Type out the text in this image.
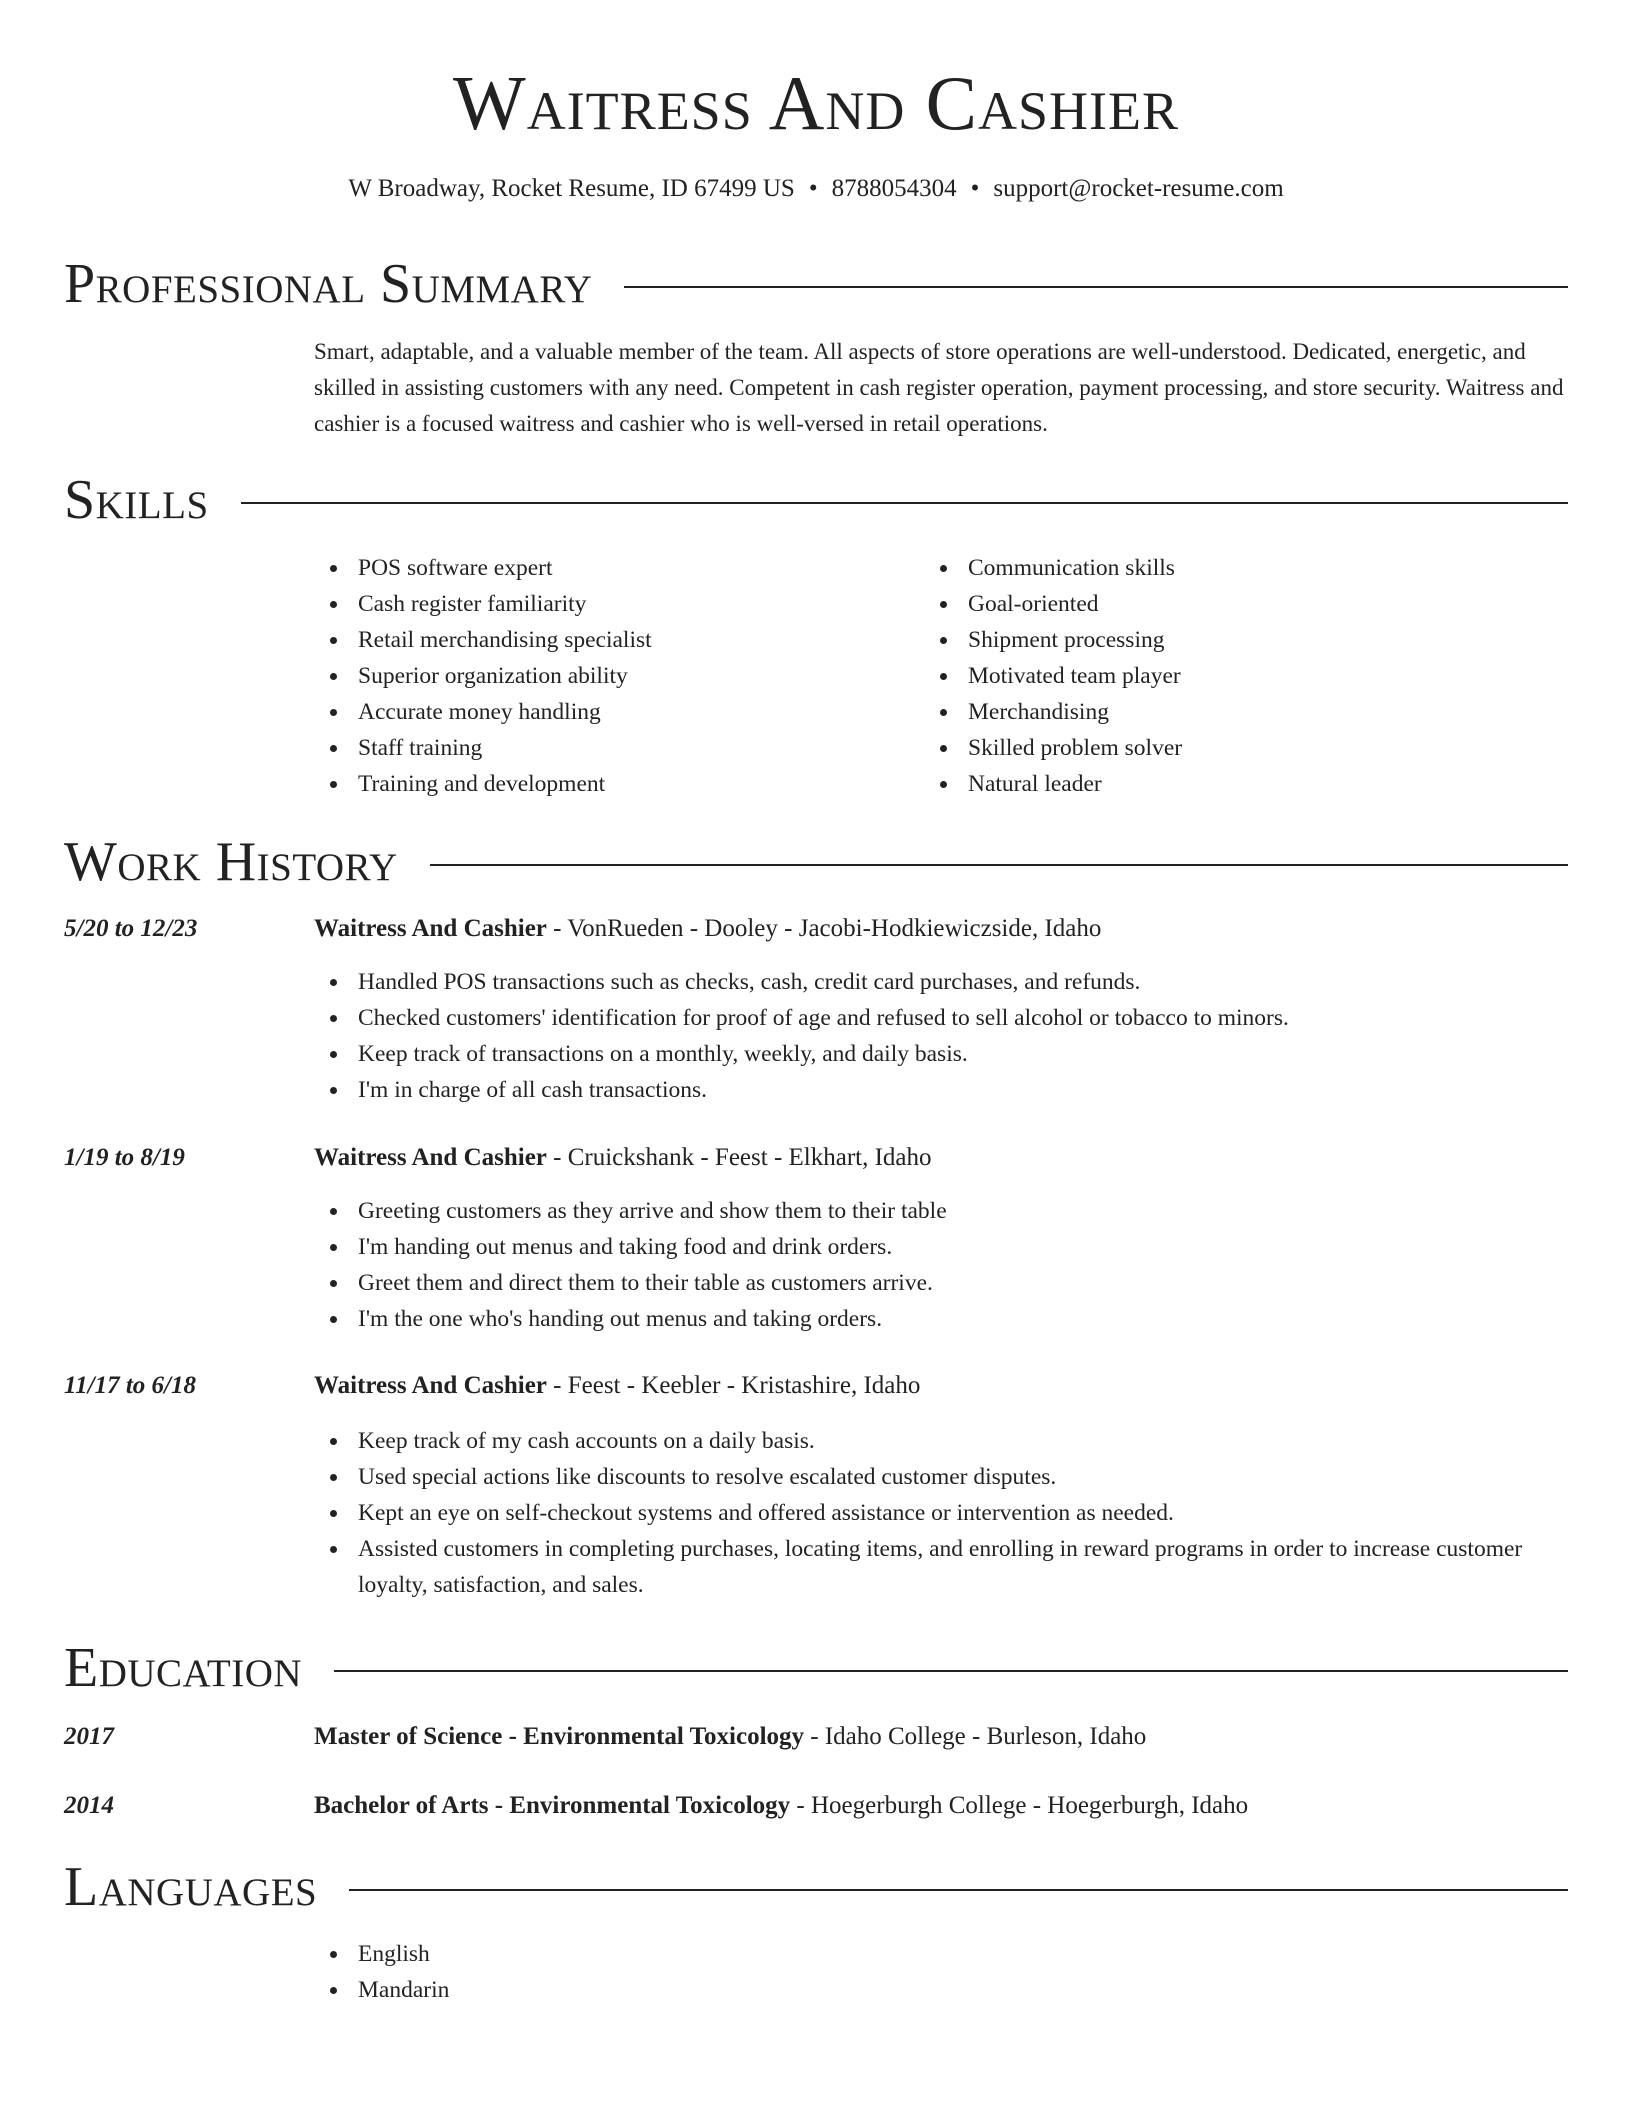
Waitress And Cashier
W Broadway, Rocket Resume, ID 67499 US • 8788054304 • support@rocket-resume.com
Professional Summary
Smart, adaptable, and a valuable member of the team. All aspects of store operations are well-understood. Dedicated, energetic, and skilled in assisting customers with any need. Competent in cash register operation, payment processing, and store security. Waitress and cashier is a focused waitress and cashier who is well-versed in retail operations.
Skills
POS software expert
Cash register familiarity
Retail merchandising specialist
Superior organization ability
Accurate money handling
Staff training
Training and development
Communication skills
Goal-oriented
Shipment processing
Motivated team player
Merchandising
Skilled problem solver
Natural leader
Work History
5/20 to 12/23	Waitress And Cashier - VonRueden - Dooley - Jacobi-Hodkiewiczside, Idaho
Handled POS transactions such as checks, cash, credit card purchases, and refunds.
Checked customers' identification for proof of age and refused to sell alcohol or tobacco to minors.
Keep track of transactions on a monthly, weekly, and daily basis.
I'm in charge of all cash transactions.
1/19 to 8/19	Waitress And Cashier - Cruickshank - Feest - Elkhart, Idaho
Greeting customers as they arrive and show them to their table
I'm handing out menus and taking food and drink orders.
Greet them and direct them to their table as customers arrive.
I'm the one who's handing out menus and taking orders.
11/17 to 6/18	Waitress And Cashier - Feest - Keebler - Kristashire, Idaho
Keep track of my cash accounts on a daily basis.
Used special actions like discounts to resolve escalated customer disputes.
Kept an eye on self-checkout systems and offered assistance or intervention as needed.
Assisted customers in completing purchases, locating items, and enrolling in reward programs in order to increase customer loyalty, satisfaction, and sales.
Education
2017	Master of Science - Environmental Toxicology - Idaho College - Burleson, Idaho
2014	Bachelor of Arts - Environmental Toxicology - Hoegerburgh College - Hoegerburgh, Idaho
Languages
English
Mandarin
